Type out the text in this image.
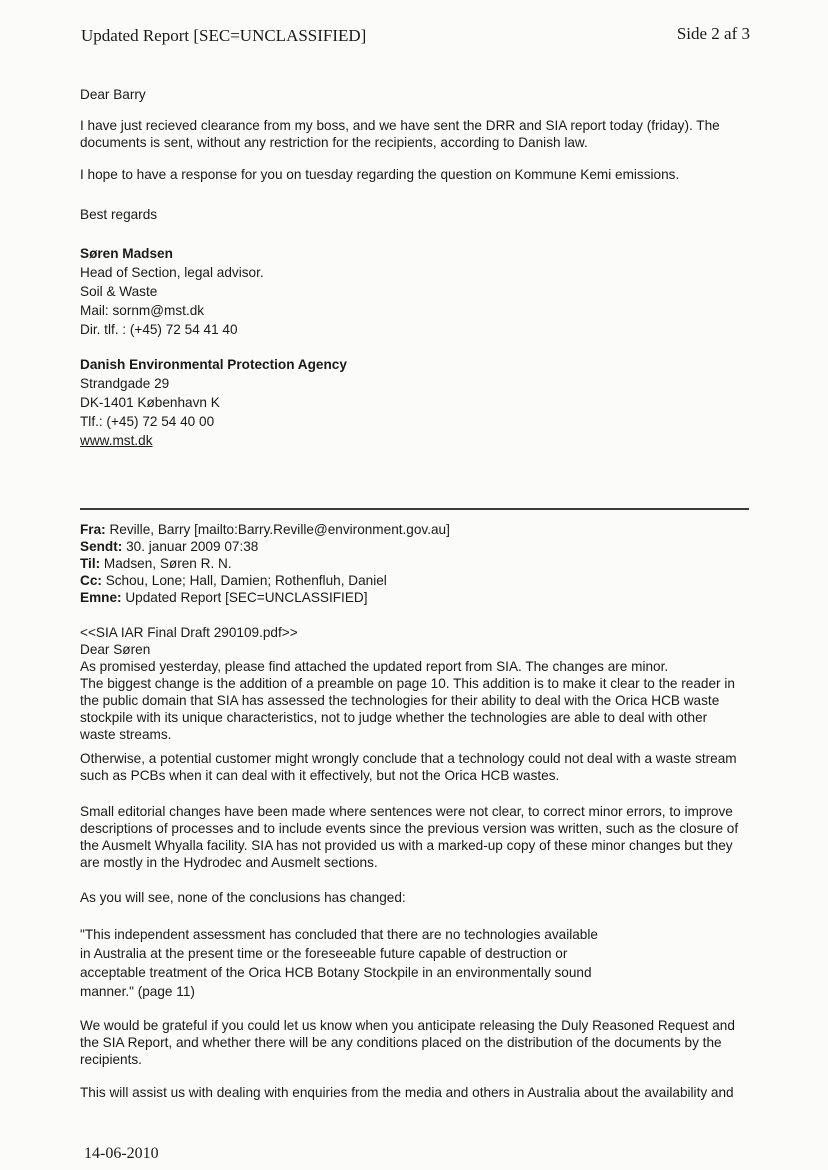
Updated Report [SEC=UNCLASSIFIED]	Side 2 af 3

Dear Barry

I have just recieved clearance from my boss, and we have sent the DRR and SIA report today (friday). The
documents is sent, without any restriction for the recipients, according to Danish law.

I hope to have a response for you on tuesday regarding the question on Kommune Kemi emissions.

Best regards

Søren Madsen
Head of Section, legal advisor.
Soil & Waste
Mail: sornm@mst.dk
Dir. tlf. : (+45) 72 54 41 40

Danish Environmental Protection Agency
Strandgade 29
DK-1401 København K
Tlf.: (+45) 72 54 40 00
www.mst.dk

Fra: Reville, Barry [mailto:Barry.Reville@environment.gov.au]
Sendt: 30. januar 2009 07:38
Til: Madsen, Søren R. N.
Cc: Schou, Lone; Hall, Damien; Rothenfluh, Daniel
Emne: Updated Report [SEC=UNCLASSIFIED]

<<SIA IAR Final Draft 290109.pdf>>
Dear Søren
As promised yesterday, please find attached the updated report from SIA. The changes are minor.
The biggest change is the addition of a preamble on page 10. This addition is to make it clear to the reader in
the public domain that SIA has assessed the technologies for their ability to deal with the Orica HCB waste
stockpile with its unique characteristics, not to judge whether the technologies are able to deal with other
waste streams.

Otherwise, a potential customer might wrongly conclude that a technology could not deal with a waste stream
such as PCBs when it can deal with it effectively, but not the Orica HCB wastes.

Small editorial changes have been made where sentences were not clear, to correct minor errors, to improve
descriptions of processes and to include events since the previous version was written, such as the closure of
the Ausmelt Whyalla facility. SIA has not provided us with a marked-up copy of these minor changes but they
are mostly in the Hydrodec and Ausmelt sections.

As you will see, none of the conclusions has changed:

"This independent assessment has concluded that there are no technologies available
in Australia at the present time or the foreseeable future capable of destruction or
acceptable treatment of the Orica HCB Botany Stockpile in an environmentally sound
manner." (page 11)

We would be grateful if you could let us know when you anticipate releasing the Duly Reasoned Request and
the SIA Report, and whether there will be any conditions placed on the distribution of the documents by the
recipients.

This will assist us with dealing with enquiries from the media and others in Australia about the availability and

14-06-2010
